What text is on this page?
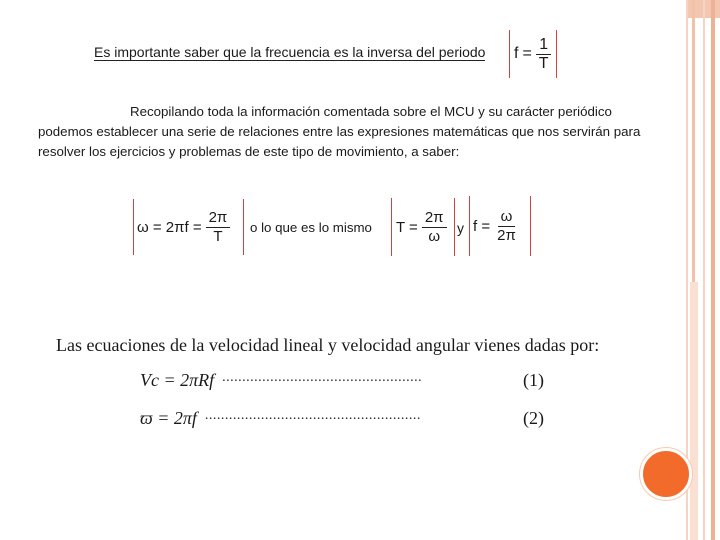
Es importante saber que la frecuencia es la inversa del periodo $f = \frac{1}{T}$
Recopilando toda la información comentada sobre el MCU y su carácter periódico
podemos establecer una serie de relaciones entre las expresiones matemáticas que nos servirán para
resolver los ejercicios y problemas de este tipo de movimiento, a saber:
$\omega = 2\pi f = \frac{2\pi}{T}$ o lo que es lo mismo $T = \frac{2\pi}{\omega}$ y $f = \frac{\omega}{2\pi}$
Las ecuaciones de la velocidad lineal y velocidad angular vienes dadas por:
Vc = 2πRf ..................................................	(1)
ϖ = 2πf ......................................................	(2)
